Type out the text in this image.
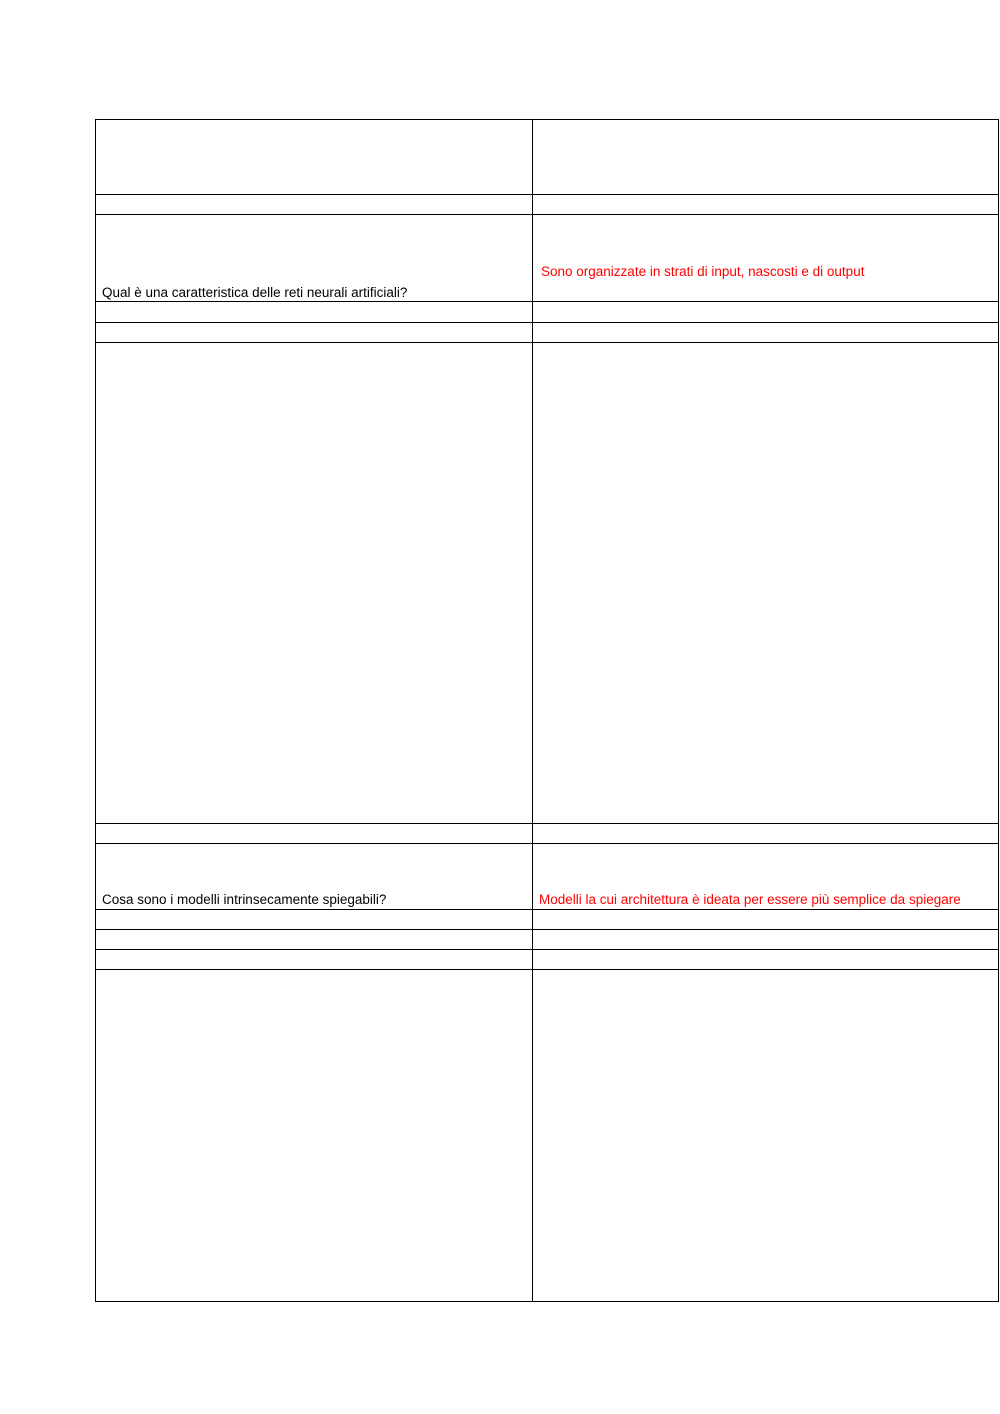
Qual è una caratteristica delle reti neurali artificiali?
Sono organizzate in strati di input, nascosti e di output
Cosa sono i modelli intrinsecamente spiegabili?	Modelli la cui architettura è ideata per essere più semplice da spiegare
